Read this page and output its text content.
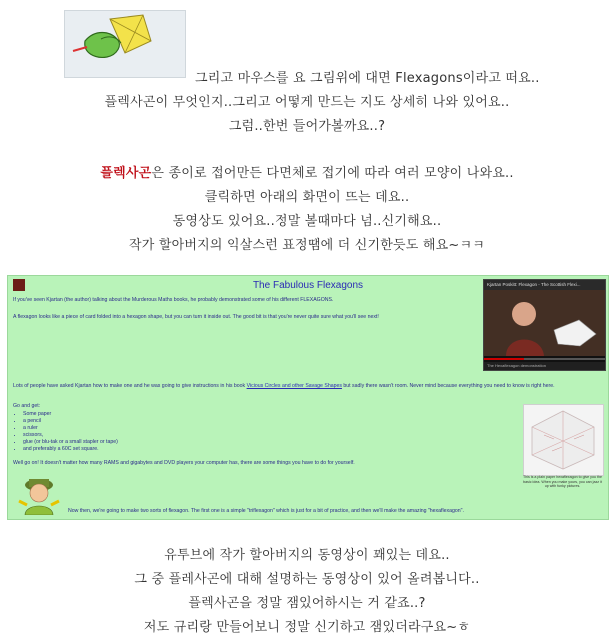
그리고 마우스를 요 그림위에 대면 Flexagons이라고 떠요..
플렉사곤이 무엇인지..그리고 어떻게 만드는 지도 상세히 나와 있어요..
그럼..한번 들어가볼까요..?
플렉사곤은 종이로 접어만든 다면체로 접기에 따라 여러 모양이 나와요..
클릭하면 아래의 화면이 뜨는 데요..
동영상도 있어요..정말 볼때마다 넘..신기해요..
작가 할아버지의 익살스런 표정땜에 더 신기한듯도 해요~ㅋㅋ
The Fabulous Flexagons
If you've seen Kjartan (the author) talking about the Murderous Maths books, he probably demonstrated some of his different FLEXAGONS.
A flexagon looks like a piece of card folded into a hexagon shape, but you can turn it inside out. The good bit is that you're never quite sure what you'll see next!
Kjartan Poskitt: Flexagon - The Scottish Flexi...
The Hexaflexagon demonstration
Lots of people have asked Kjartan how to make one and he was going to give instructions in his book Vicious Circles and other Savage Shapes but sadly there wasn't room. Never mind because everything you need to know is right here.
Go and get:
• Some paper
• a pencil
• a ruler
• scissors,
• glue (or blu-tak or a small stapler or tape)
• and preferably a 60C set square.
Well go on! It doesn't matter how many RAMS and gigabytes and DVD players your computer has, there are some things you have to do for yourself.
This is a plain paper hexaflexagon to give you the basic idea. When you make yours, you can jazz it up with funky pictures.
Now then, we're going to make two sorts of flexagon. The first one is a simple "triflexagon" which is just for a bit of practice, and then we'll make the amazing "hexaflexagon".
유투브에 작가 할아버지의 동영상이 꽤있는 데요..
그 중 플레사곤에 대해 설명하는 동영상이 있어 올려봅니다..
플렉사곤을 정말 잼있어하시는 거 같죠..?
저도 규리랑 만들어보니 정말 신기하고 잼있더라구요~ㅎ
